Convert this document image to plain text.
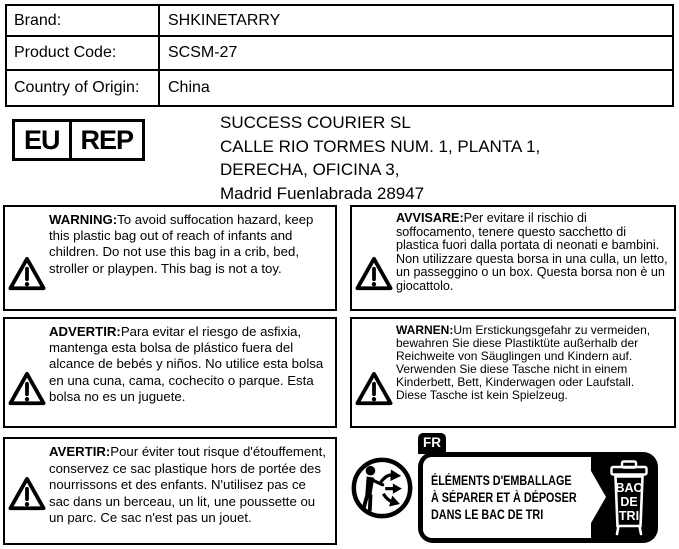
Brand:	SHKINETARRY
Product Code:	SCSM-27
Country of Origin:	China
EU REP
SUCCESS COURIER SL
CALLE RIO TORMES NUM. 1, PLANTA 1,
DERECHA, OFICINA 3,
Madrid Fuenlabrada 28947

WARNING:To avoid suffocation hazard, keep this plastic bag out of reach of infants and children. Do not use this bag in a crib, bed, stroller or playpen. This bag is not a toy.

AVVISARE:Per evitare il rischio di soffocamento, tenere questo sacchetto di plastica fuori dalla portata di neonati e bambini. Non utilizzare questa borsa in una culla, un letto, un passeggino o un box. Questa borsa non è un giocattolo.

ADVERTIR:Para evitar el riesgo de asfixia, mantenga esta bolsa de plástico fuera del alcance de bebés y niños. No utilice esta bolsa en una cuna, cama, cochecito o parque. Esta bolsa no es un juguete.

WARNEN:Um Erstickungsgefahr zu vermeiden, bewahren Sie diese Plastiktüte außerhalb der Reichweite von Säuglingen und Kindern auf. Verwenden Sie diese Tasche nicht in einem Kinderbett, Bett, Kinderwagen oder Laufstall. Diese Tasche ist kein Spielzeug.

AVERTIR:Pour éviter tout risque d'étouffement, conservez ce sac plastique hors de portée des nourrissons et des enfants. N'utilisez pas ce sac dans un berceau, un lit, une poussette ou un parc. Ce sac n'est pas un jouet.

FR
ÉLÉMENTS D'EMBALLAGE
À SÉPARER ET À DÉPOSER
DANS LE BAC DE TRI
BAC
DE
TRI
